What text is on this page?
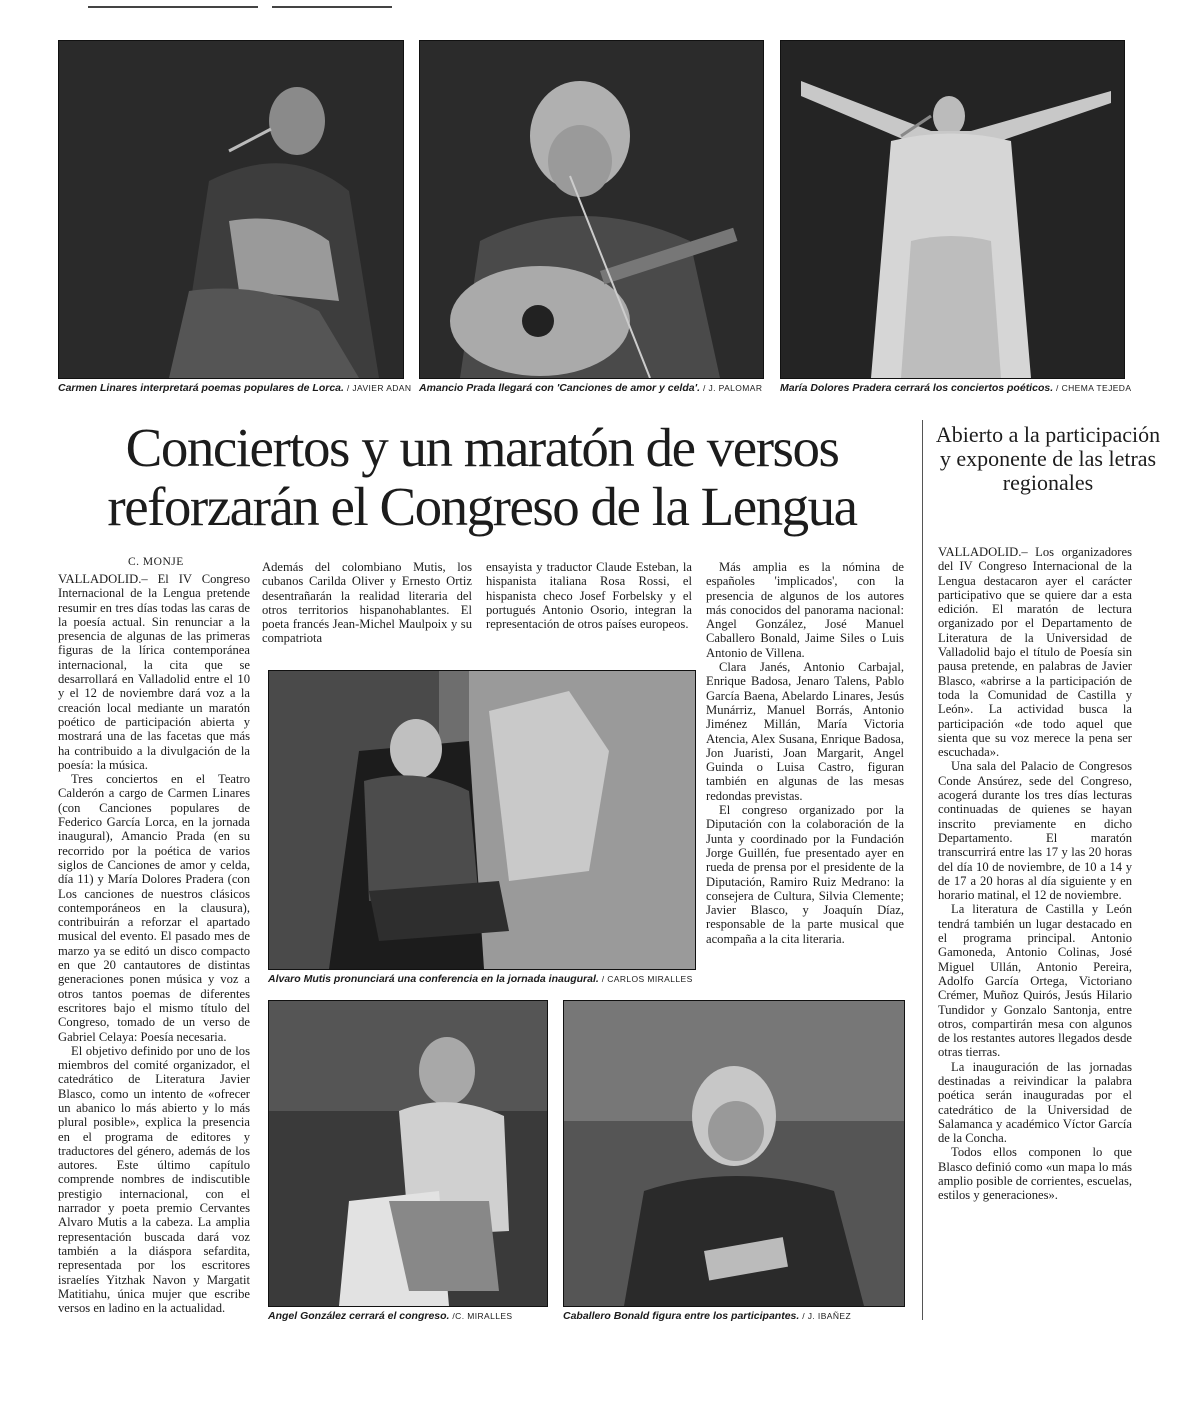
Carmen Linares interpretará poemas populares de Lorca. / JAVIER ADAN Amancio Prada llegará con 'Canciones de amor y celda'. / J. PALOMAR María Dolores Pradera cerrará los conciertos poéticos. / CHEMA TEJEDA
Conciertos y un maratón de versos
reforzarán el Congreso de la Lengua
Abierto a la participación y exponente de las letras regionales
C. MONJE

VALLADOLID.– El IV Congreso Internacional de la Lengua pretende resumir en tres días todas las caras de la poesía actual. Sin renunciar a la presencia de algunas de las primeras figuras de la lírica contemporánea internacional, la cita que se desarrollará en Valladolid entre el 10 y el 12 de noviembre dará voz a la creación local mediante un maratón poético de participación abierta y mostrará una de las facetas que más ha contribuido a la divulgación de la poesía: la música.

Tres conciertos en el Teatro Calderón a cargo de Carmen Linares (con Canciones populares de Federico García Lorca, en la jornada inaugural), Amancio Prada (en su recorrido por la poética de varios siglos de Canciones de amor y celda, día 11) y María Dolores Pradera (con Los canciones de nuestros clásicos contemporáneos en la clausura), contribuirán a reforzar el apartado musical del evento. El pasado mes de marzo ya se editó un disco compacto en que 20 cantautores de distintas generaciones ponen música y voz a otros tantos poemas de diferentes escritores bajo el mismo título del Congreso, tomado de un verso de Gabriel Celaya: Poesía necesaria.

El objetivo definido por uno de los miembros del comité organizador, el catedrático de Literatura Javier Blasco, como un intento de «ofrecer un abanico lo más abierto y lo más plural posible», explica la presencia en el programa de editores y traductores del género, además de los autores. Este último capítulo comprende nombres de indiscutible prestigio internacional, con el narrador y poeta premio Cervantes Alvaro Mutis a la cabeza. La amplia representación buscada dará voz también a la diáspora sefardita, representada por los escritores israelíes Yitzhak Navon y Margatit Matitiahu, única mujer que escribe versos en ladino en la actualidad.

Además del colombiano Mutis, los cubanos Carilda Oliver y Ernesto Ortiz desentrañarán la realidad literaria del otros territorios hispanohablantes. El poeta francés Jean-Michel Maulpoix y su compatriota

ensayista y traductor Claude Esteban, la hispanista italiana Rosa Rossi, el hispanista checo Josef Forbelsky y el portugués Antonio Osorio, integran la representación de otros países europeos.

Más amplia es la nómina de españoles 'implicados', con la presencia de algunos de los autores más conocidos del panorama nacional: Angel González, José Manuel Caballero Bonald, Jaime Siles o Luis Antonio de Villena.

Clara Janés, Antonio Carbajal, Enrique Badosa, Jenaro Talens, Pablo García Baena, Abelardo Linares, Jesús Munárriz, Manuel Borrás, Antonio Jiménez Millán, María Victoria Atencia, Alex Susana, Enrique Badosa, Jon Juaristi, Joan Margarit, Angel Guinda o Luisa Castro, figuran también en algunas de las mesas redondas previstas.

El congreso organizado por la Diputación con la colaboración de la Junta y coordinado por la Fundación Jorge Guillén, fue presentado ayer en rueda de prensa por el presidente de la Diputación, Ramiro Ruiz Medrano: la consejera de Cultura, Silvia Clemente; Javier Blasco, y Joaquín Díaz, responsable de la parte musical que acompaña a la cita literaria.

Alvaro Mutis pronunciará una conferencia en la jornada inaugural. / CARLOS MIRALLES
Angel González cerrará el congreso. /C. MIRALLES	Caballero Bonald figura entre los participantes. / J. IBAÑEZ

VALLADOLID.– Los organizadores del IV Congreso Internacional de la Lengua destacaron ayer el carácter participativo que se quiere dar a esta edición. El maratón de lectura organizado por el Departamento de Literatura de la Universidad de Valladolid bajo el título de Poesía sin pausa pretende, en palabras de Javier Blasco, «abrirse a la participación de toda la Comunidad de Castilla y León». La actividad busca la participación «de todo aquel que sienta que su voz merece la pena ser escuchada».

Una sala del Palacio de Congresos Conde Ansúrez, sede del Congreso, acogerá durante los tres días lecturas continuadas de quienes se hayan inscrito previamente en dicho Departamento. El maratón transcurrirá entre las 17 y las 20 horas del día 10 de noviembre, de 10 a 14 y de 17 a 20 horas al día siguiente y en horario matinal, el 12 de noviembre.

La literatura de Castilla y León tendrá también un lugar destacado en el programa principal. Antonio Gamoneda, Antonio Colinas, José Miguel Ullán, Antonio Pereira, Adolfo García Ortega, Victoriano Crémer, Muñoz Quirós, Jesús Hilario Tundidor y Gonzalo Santonja, entre otros, compartirán mesa con algunos de los restantes autores llegados desde otras tierras.

La inauguración de las jornadas destinadas a reivindicar la palabra poética serán inauguradas por el catedrático de la Universidad de Salamanca y académico Víctor García de la Concha.

Todos ellos componen lo que Blasco definió como «un mapa lo más amplio posible de corrientes, escuelas, estilos y generaciones».
